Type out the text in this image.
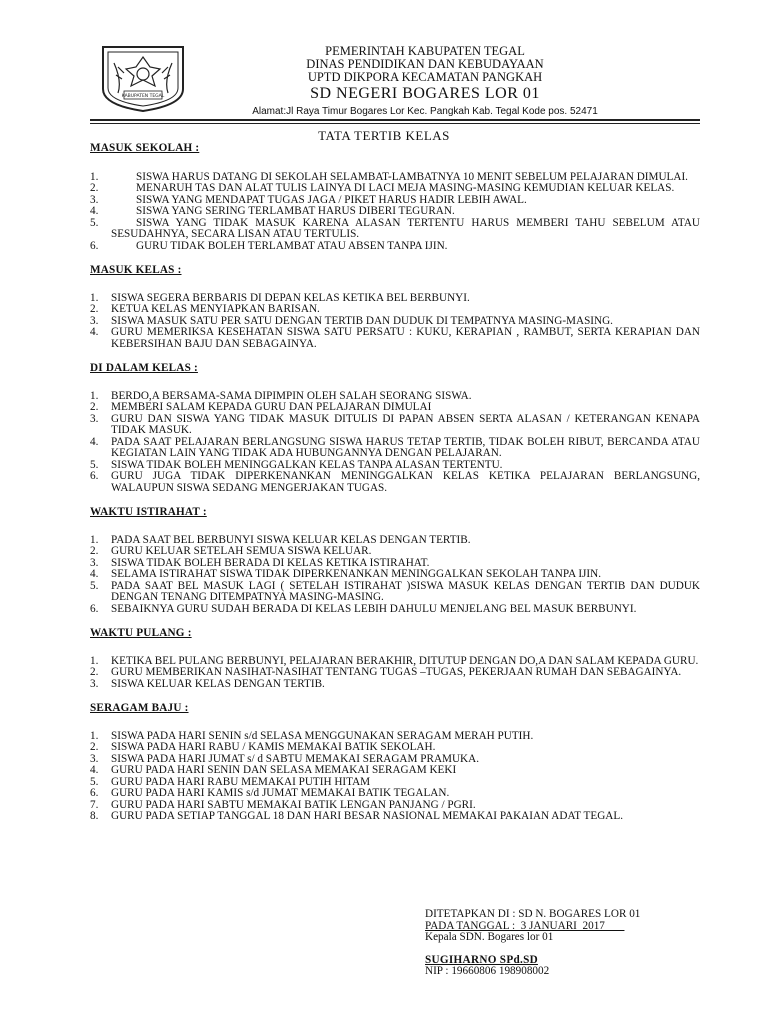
KABUPATEN TEGAL
PEMERINTAH KABUPATEN TEGAL
DINAS PENDIDIKAN DAN KEBUDAYAAN
UPTD DIKPORA KECAMATAN PANGKAH
SD NEGERI BOGARES LOR 01
Alamat:Jl Raya Timur Bogares Lor Kec. Pangkah Kab. Tegal Kode pos. 52471
TATA TERTIB KELAS
MASUK SEKOLAH :
1.	SISWA HARUS DATANG DI SEKOLAH SELAMBAT-LAMBATNYA 10 MENIT SEBELUM PELAJARAN DIMULAI.
2.	MENARUH TAS DAN ALAT TULIS LAINYA DI LACI MEJA MASING-MASING KEMUDIAN KELUAR KELAS.
3.	SISWA YANG MENDAPAT TUGAS JAGA / PIKET HARUS HADIR LEBIH AWAL.
4.	SISWA YANG SERING TERLAMBAT HARUS DIBERI TEGURAN.
5.	SISWA YANG TIDAK MASUK KARENA ALASAN TERTENTU HARUS MEMBERI TAHU SEBELUM ATAU SESUDAHNYA, SECARA LISAN ATAU TERTULIS.
6.	GURU TIDAK BOLEH TERLAMBAT ATAU ABSEN TANPA IJIN.
MASUK KELAS :
1.	SISWA SEGERA BERBARIS DI DEPAN KELAS KETIKA BEL BERBUNYI.
2.	KETUA KELAS MENYIAPKAN BARISAN.
3.	SISWA MASUK SATU PER SATU DENGAN TERTIB DAN DUDUK DI TEMPATNYA MASING-MASING.
4.	GURU MEMERIKSA KESEHATAN SISWA SATU PERSATU : KUKU, KERAPIAN , RAMBUT, SERTA KERAPIAN DAN KEBERSIHAN BAJU DAN SEBAGAINYA.
DI DALAM KELAS :
1.	BERDO,A BERSAMA-SAMA DIPIMPIN OLEH SALAH SEORANG SISWA.
2.	MEMBERI SALAM KEPADA GURU DAN PELAJARAN DIMULAI
3.	GURU DAN SISWA YANG TIDAK MASUK DITULIS DI PAPAN ABSEN SERTA ALASAN / KETERANGAN KENAPA TIDAK MASUK.
4.	PADA SAAT PELAJARAN BERLANGSUNG SISWA HARUS TETAP TERTIB, TIDAK BOLEH RIBUT, BERCANDA ATAU KEGIATAN LAIN YANG TIDAK ADA HUBUNGANNYA DENGAN PELAJARAN.
5.	SISWA TIDAK BOLEH MENINGGALKAN KELAS TANPA ALASAN TERTENTU.
6.	GURU JUGA TIDAK DIPERKENANKAN MENINGGALKAN KELAS KETIKA PELAJARAN BERLANGSUNG, WALAUPUN SISWA SEDANG MENGERJAKAN TUGAS.
WAKTU ISTIRAHAT :
1.	PADA SAAT BEL BERBUNYI SISWA KELUAR KELAS DENGAN TERTIB.
2.	GURU KELUAR SETELAH SEMUA SISWA KELUAR.
3.	SISWA TIDAK BOLEH BERADA DI KELAS KETIKA ISTIRAHAT.
4.	SELAMA ISTIRAHAT SISWA TIDAK DIPERKENANKAN MENINGGALKAN SEKOLAH TANPA IJIN.
5.	PADA SAAT BEL MASUK LAGI ( SETELAH ISTIRAHAT )SISWA MASUK KELAS DENGAN TERTIB DAN DUDUK DENGAN TENANG DITEMPATNYA MASING-MASING.
6.	SEBAIKNYA GURU SUDAH BERADA DI KELAS LEBIH DAHULU MENJELANG BEL MASUK BERBUNYI.
WAKTU PULANG :
1.	KETIKA BEL PULANG BERBUNYI, PELAJARAN BERAKHIR, DITUTUP DENGAN DO,A DAN SALAM KEPADA GURU.
2.	GURU MEMBERIKAN NASIHAT-NASIHAT TENTANG TUGAS –TUGAS, PEKERJAAN RUMAH DAN SEBAGAINYA.
3.	SISWA KELUAR KELAS DENGAN TERTIB.
SERAGAM BAJU :
1.	SISWA PADA HARI SENIN s/d SELASA MENGGUNAKAN SERAGAM MERAH PUTIH.
2.	SISWA PADA HARI RABU / KAMIS MEMAKAI BATIK SEKOLAH.
3.	SISWA PADA HARI JUMAT s/ d SABTU MEMAKAI SERAGAM PRAMUKA.
4.	GURU PADA HARI SENIN DAN SELASA MEMAKAI SERAGAM KEKI
5.	GURU PADA HARI RABU MEMAKAI PUTIH HITAM
6.	GURU PADA HARI KAMIS s/d JUMAT MEMAKAI BATIK TEGALAN.
7.	GURU PADA HARI SABTU MEMAKAI BATIK LENGAN PANJANG / PGRI.
8.	GURU PADA SETIAP TANGGAL 18 DAN HARI BESAR NASIONAL MEMAKAI PAKAIAN ADAT TEGAL.
DITETAPKAN DI : SD N. BOGARES LOR 01
PADA TANGGAL :  3 JANUARI  2017
Kepala SDN. Bogares lor 01
SUGIHARNO SPd.SD
NIP : 19660806 198908002
